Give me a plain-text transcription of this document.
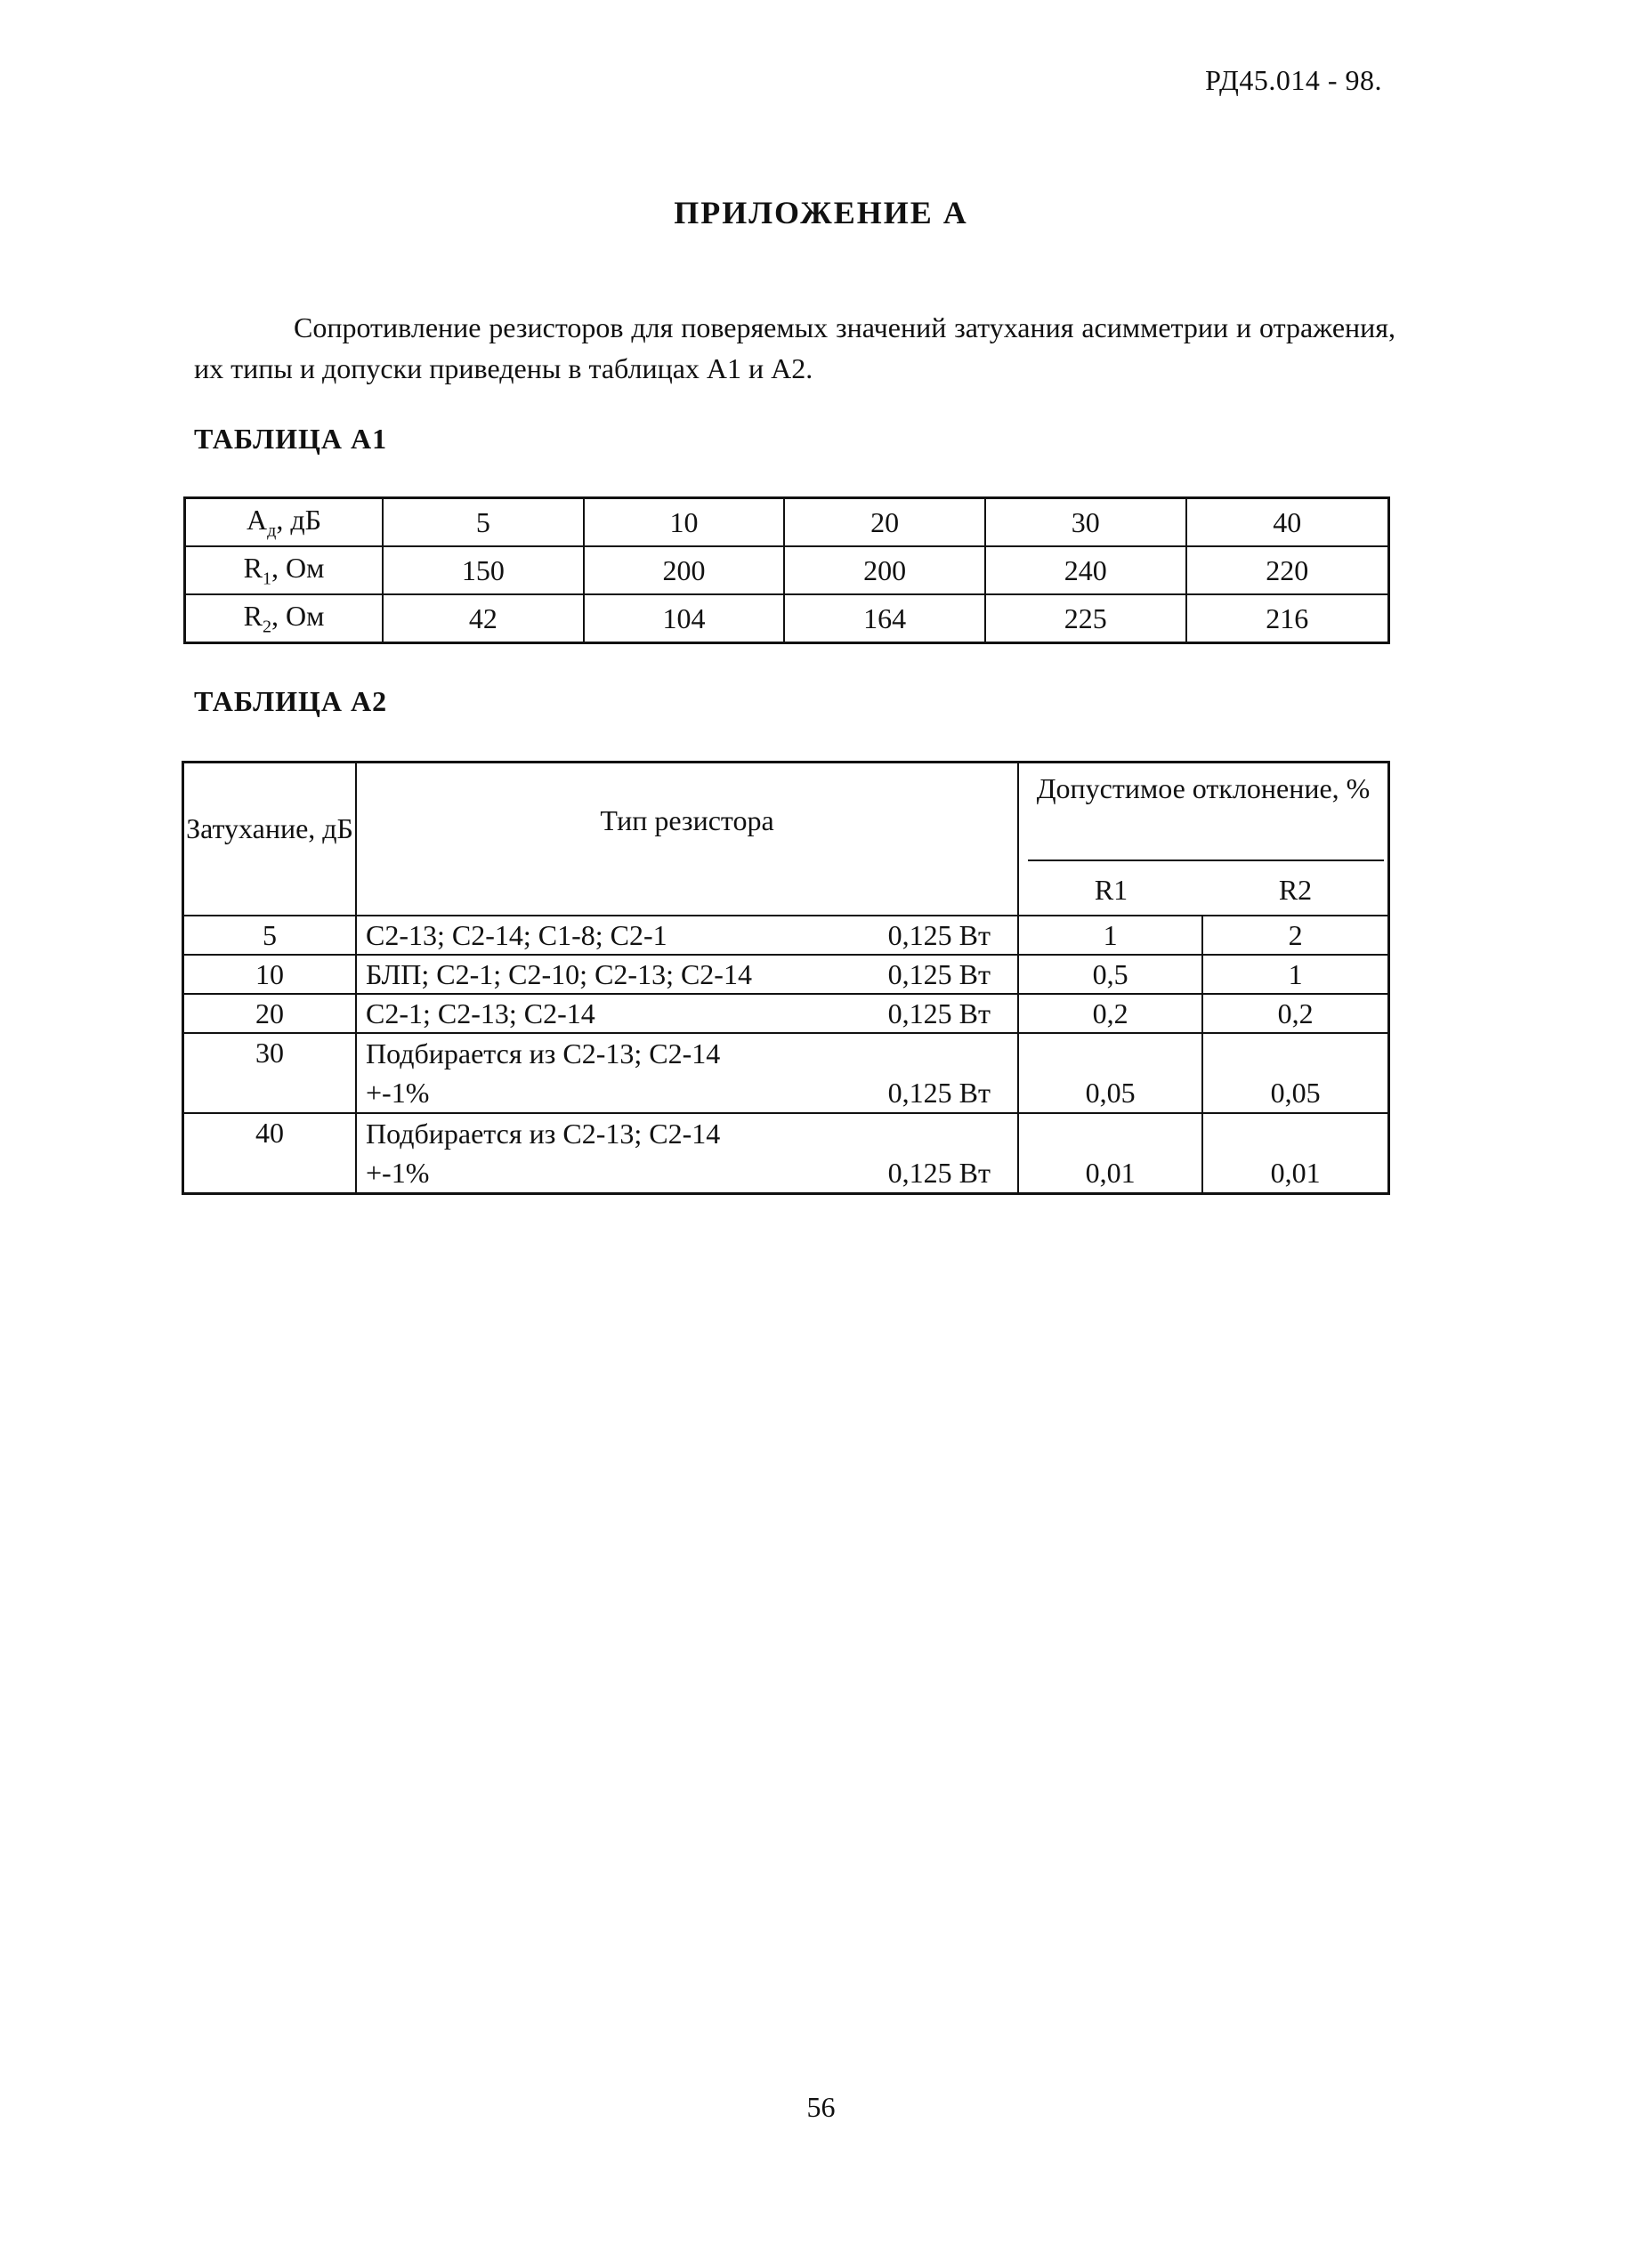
РД45.014 - 98.
ПРИЛОЖЕНИЕ А

Сопротивление резисторов для поверяемых значений затухания асимметрии и отражения, их типы и допуски приведены в таблицах А1 и А2.

ТАБЛИЦА А1
$А_д$, дБ	5	10	20	30	40
$R_1$, Ом	150	200	200	240	220
$R_2$, Ом	42	104	164	225	216
ТАБЛИЦА А2
Затухание, дБ	Тип резистора	Допустимое отклонение, %
R1 R2	

5	С2-13; С2-14; С1-8; С2-1 0,125 Вт	1	2

10	БЛП; С2-1; С2-10; С2-13; С2-14 0,125 Вт	0,5	1

20	С2-1; С2-13; С2-14 0,125 Вт	0,2	0,2

30	Подбирается из С2-13; С2-14
+-1% 0,125 Вт	0,05	0,05

40	Подбирается из С2-13; С2-14
+-1% 0,125 Вт	0,01	0,01
56
